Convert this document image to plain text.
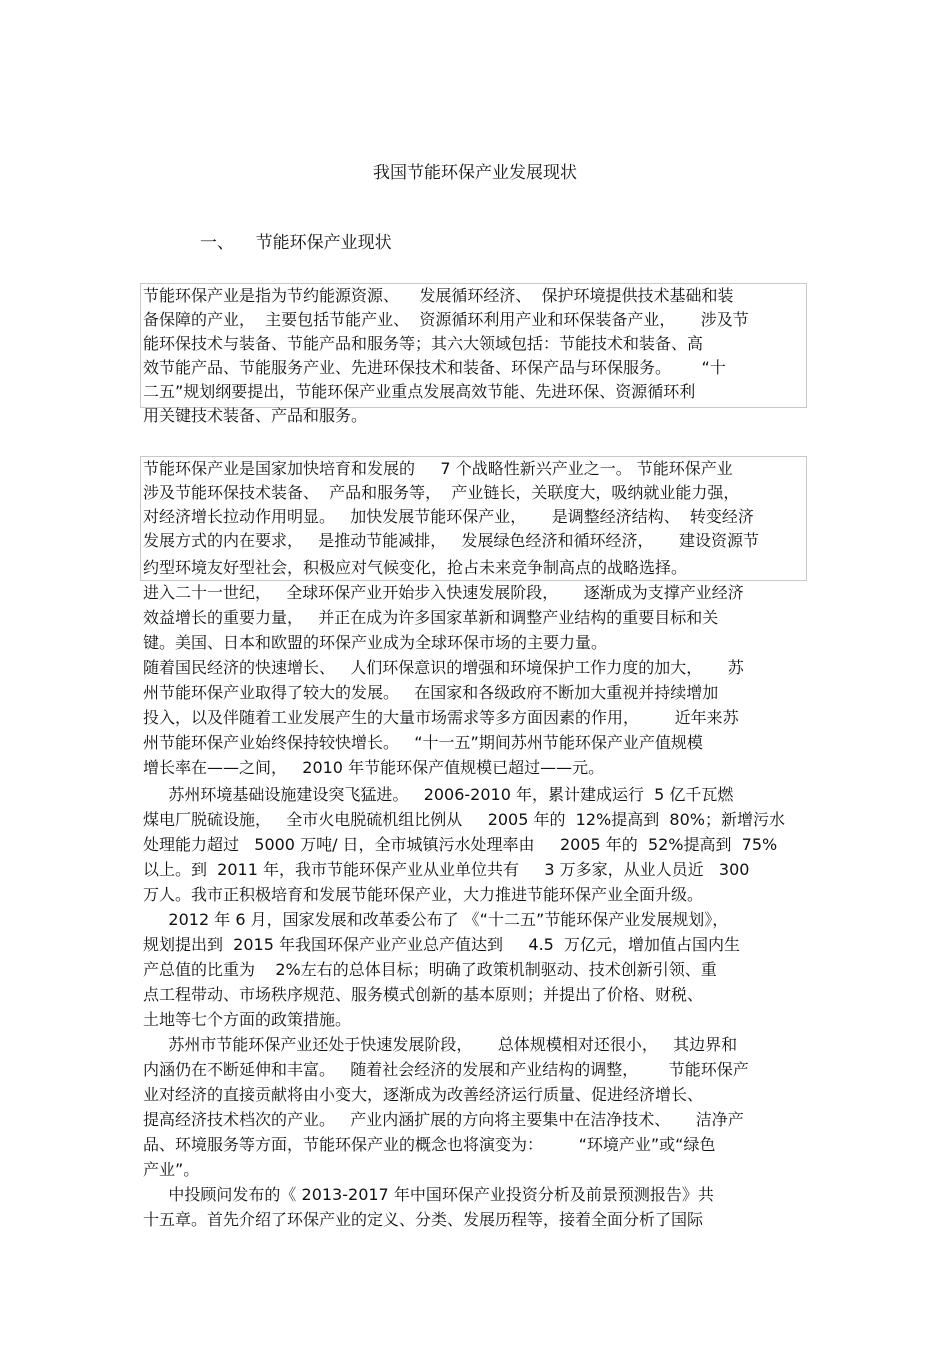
我国节能环保产业发展现状
一、    节能环保产业现状

节能环保产业是指为节约能源资源、    发展循环经济、  保护环境提供技术基础和装

备保障的产业，  主要包括节能产业、  资源循环利用产业和环保装备产业，     涉及节

能环保技术与装备、节能产品和服务等；其六大领域包括：节能技术和装备、高

效节能产品、节能服务产业、先进环保技术和装备、环保产品与环保服务。      “十

二五”规划纲要提出，节能环保产业重点发展高效节能、先进环保、资源循环利

用关键技术装备、产品和服务。

节能环保产业是国家加快培育和发展的     7 个战略性新兴产业之一。 节能环保产业

涉及节能环保技术装备、  产品和服务等，  产业链长，关联度大，吸纳就业能力强，

对经济增长拉动作用明显。   加快发展节能环保产业，     是调整经济结构、  转变经济

发展方式的内在要求，   是推动节能减排，   发展绿色经济和循环经济，     建设资源节

约型环境友好型社会，积极应对气候变化，抢占未来竞争制高点的战略选择。

进入二十一世纪，   全球环保产业开始步入快速发展阶段，     逐渐成为支撑产业经济

效益增长的重要力量，   并正在成为许多国家革新和调整产业结构的重要目标和关

键。美国、日本和欧盟的环保产业成为全球环保市场的主要力量。

随着国民经济的快速增长、   人们环保意识的增强和环境保护工作力度的加大，     苏

州节能环保产业取得了较大的发展。   在国家和各级政府不断加大重视并持续增加

投入，以及伴随着工业发展产生的大量市场需求等多方面因素的作用，       近年来苏

州节能环保产业始终保持较快增长。   “十一五”期间苏州节能环保产业产值规模

增长率在——之间，   2010 年节能环保产值规模已超过——元。

苏州环境基础设施建设突飞猛进。   2006-2010 年，累计建成运行  5 亿千瓦燃

煤电厂脱硫设施，   全市火电脱硫机组比例从     2005 年的  12%提高到  80%；新增污水

处理能力超过   5000 万吨/ 日，全市城镇污水处理率由     2005 年的  52%提高到  75%

以上。到  2011 年，我市节能环保产业从业单位共有     3 万多家，从业人员近   300

万人。我市正积极培育和发展节能环保产业，大力推进节能环保产业全面升级。

2012 年 6 月，国家发展和改革委公布了 《“十二五”节能环保产业发展规划》，

规划提出到  2015 年我国环保产业产业总产值达到     4.5  万亿元，增加值占国内生

产总值的比重为    2%左右的总体目标；明确了政策机制驱动、技术创新引领、重

点工程带动、市场秩序规范、服务模式创新的基本原则；并提出了价格、财税、

土地等七个方面的政策措施。

苏州市节能环保产业还处于快速发展阶段，     总体规模相对还很小，   其边界和

内涵仍在不断延伸和丰富。   随着社会经济的发展和产业结构的调整，      节能环保产

业对经济的直接贡献将由小变大，逐渐成为改善经济运行质量、促进经济增长、

提高经济技术档次的产业。   产业内涵扩展的方向将主要集中在洁净技术、     洁净产

品、环境服务等方面，节能环保产业的概念也将演变为：       “环境产业”或“绿色

产业”。

中投顾问发布的《 2013-2017 年中国环保产业投资分析及前景预测报告》共

十五章。首先介绍了环保产业的定义、分类、发展历程等，接着全面分析了国际
